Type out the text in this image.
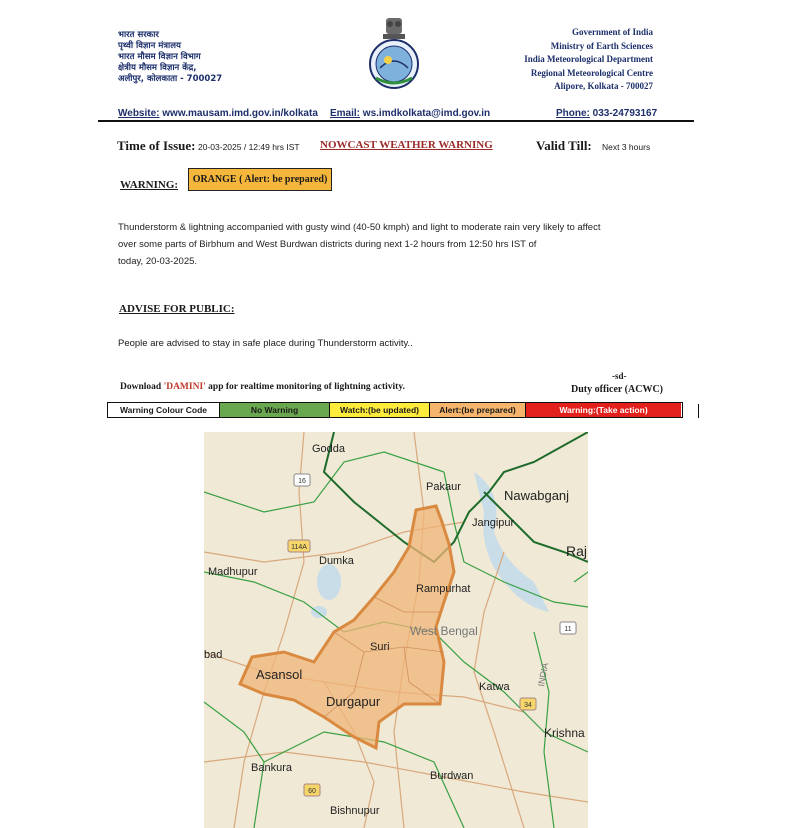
भारत सरकार
पृथ्वी विज्ञान मंत्रालय
भारत मौसम विज्ञान विभाग
क्षेत्रीय मौसम विज्ञान केंद्र,
अलीपुर, कोलकाता - 700027
Government of India
Ministry of Earth Sciences
India Meteorological Department
Regional Meteorological Centre
Alipore, Kolkata - 700027
Website: www.mausam.imd.gov.in/kolkata Email: ws.imdkolkata@imd.gov.in	Phone: 033-24793167
Time of Issue: 20-03-2025 / 12:49 hrs IST NOWCAST WEATHER WARNING	Valid Till: Next 3 hours
WARNING:	ORANGE ( Alert: be prepared)
Thunderstorm & lightning accompanied with gusty wind (40-50 kmph) and light to moderate rain very likely to affect
over some parts of Birbhum and West Burdwan districts during next 1-2 hours from 12:50 hrs IST of
today, 20-03-2025.
ADVISE FOR PUBLIC:
People are advised to stay in safe place during Thunderstorm activity..
-sd-
Download 'DAMINI' app for realtime monitoring of lightning activity.	Duty officer (ACWC)
Warning Colour Code	No Warning	Watch:(be updated)	Alert:(be prepared)	Warning:(Take action)
16
114A
11
34
60
Godda
Pakaur
Nawabganj
Jangipur
Raj
Dumka
Madhupur
Rampurhat
West Bengal
Suri
bad
Asansol
Durgapur
Katwa	INDIA
Krishna
Bankura
Burdwan
Bishnupur
